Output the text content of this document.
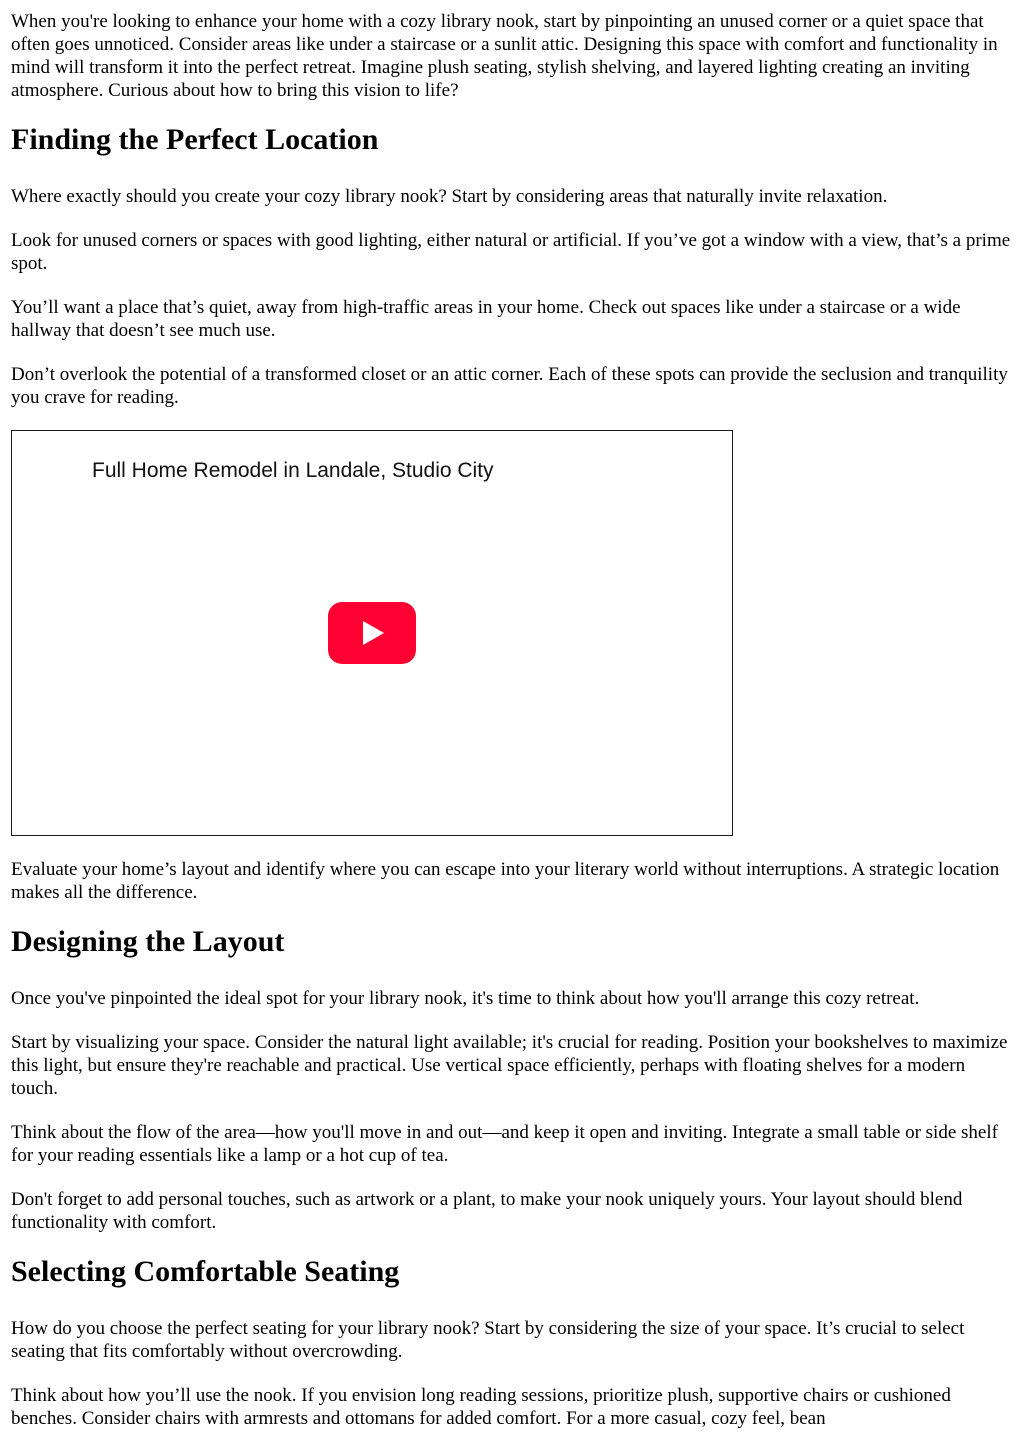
When you're looking to enhance your home with a cozy library nook, start by pinpointing an unused corner or a quiet space that often goes unnoticed. Consider areas like under a staircase or a sunlit attic. Designing this space with comfort and functionality in mind will transform it into the perfect retreat. Imagine plush seating, stylish shelving, and layered lighting creating an inviting atmosphere. Curious about how to bring this vision to life?

Finding the Perfect Location

Where exactly should you create your cozy library nook? Start by considering areas that naturally invite relaxation.

Look for unused corners or spaces with good lighting, either natural or artificial. If you’ve got a window with a view, that’s a prime spot.

You’ll want a place that’s quiet, away from high-traffic areas in your home. Check out spaces like under a staircase or a wide hallway that doesn’t see much use.

Don’t overlook the potential of a transformed closet or an attic corner. Each of these spots can provide the seclusion and tranquility you crave for reading.

Full Home Remodel in Landale, Studio City

Evaluate your home’s layout and identify where you can escape into your literary world without interruptions. A strategic location makes all the difference.

Designing the Layout

Once you've pinpointed the ideal spot for your library nook, it's time to think about how you'll arrange this cozy retreat.

Start by visualizing your space. Consider the natural light available; it's crucial for reading. Position your bookshelves to maximize this light, but ensure they're reachable and practical. Use vertical space efficiently, perhaps with floating shelves for a modern touch.

Think about the flow of the area—how you'll move in and out—and keep it open and inviting. Integrate a small table or side shelf for your reading essentials like a lamp or a hot cup of tea.

Don't forget to add personal touches, such as artwork or a plant, to make your nook uniquely yours. Your layout should blend functionality with comfort.

Selecting Comfortable Seating

How do you choose the perfect seating for your library nook? Start by considering the size of your space. It’s crucial to select seating that fits comfortably without overcrowding.

Think about how you’ll use the nook. If you envision long reading sessions, prioritize plush, supportive chairs or cushioned benches. Consider chairs with armrests and ottomans for added comfort. For a more casual, cozy feel, bean
